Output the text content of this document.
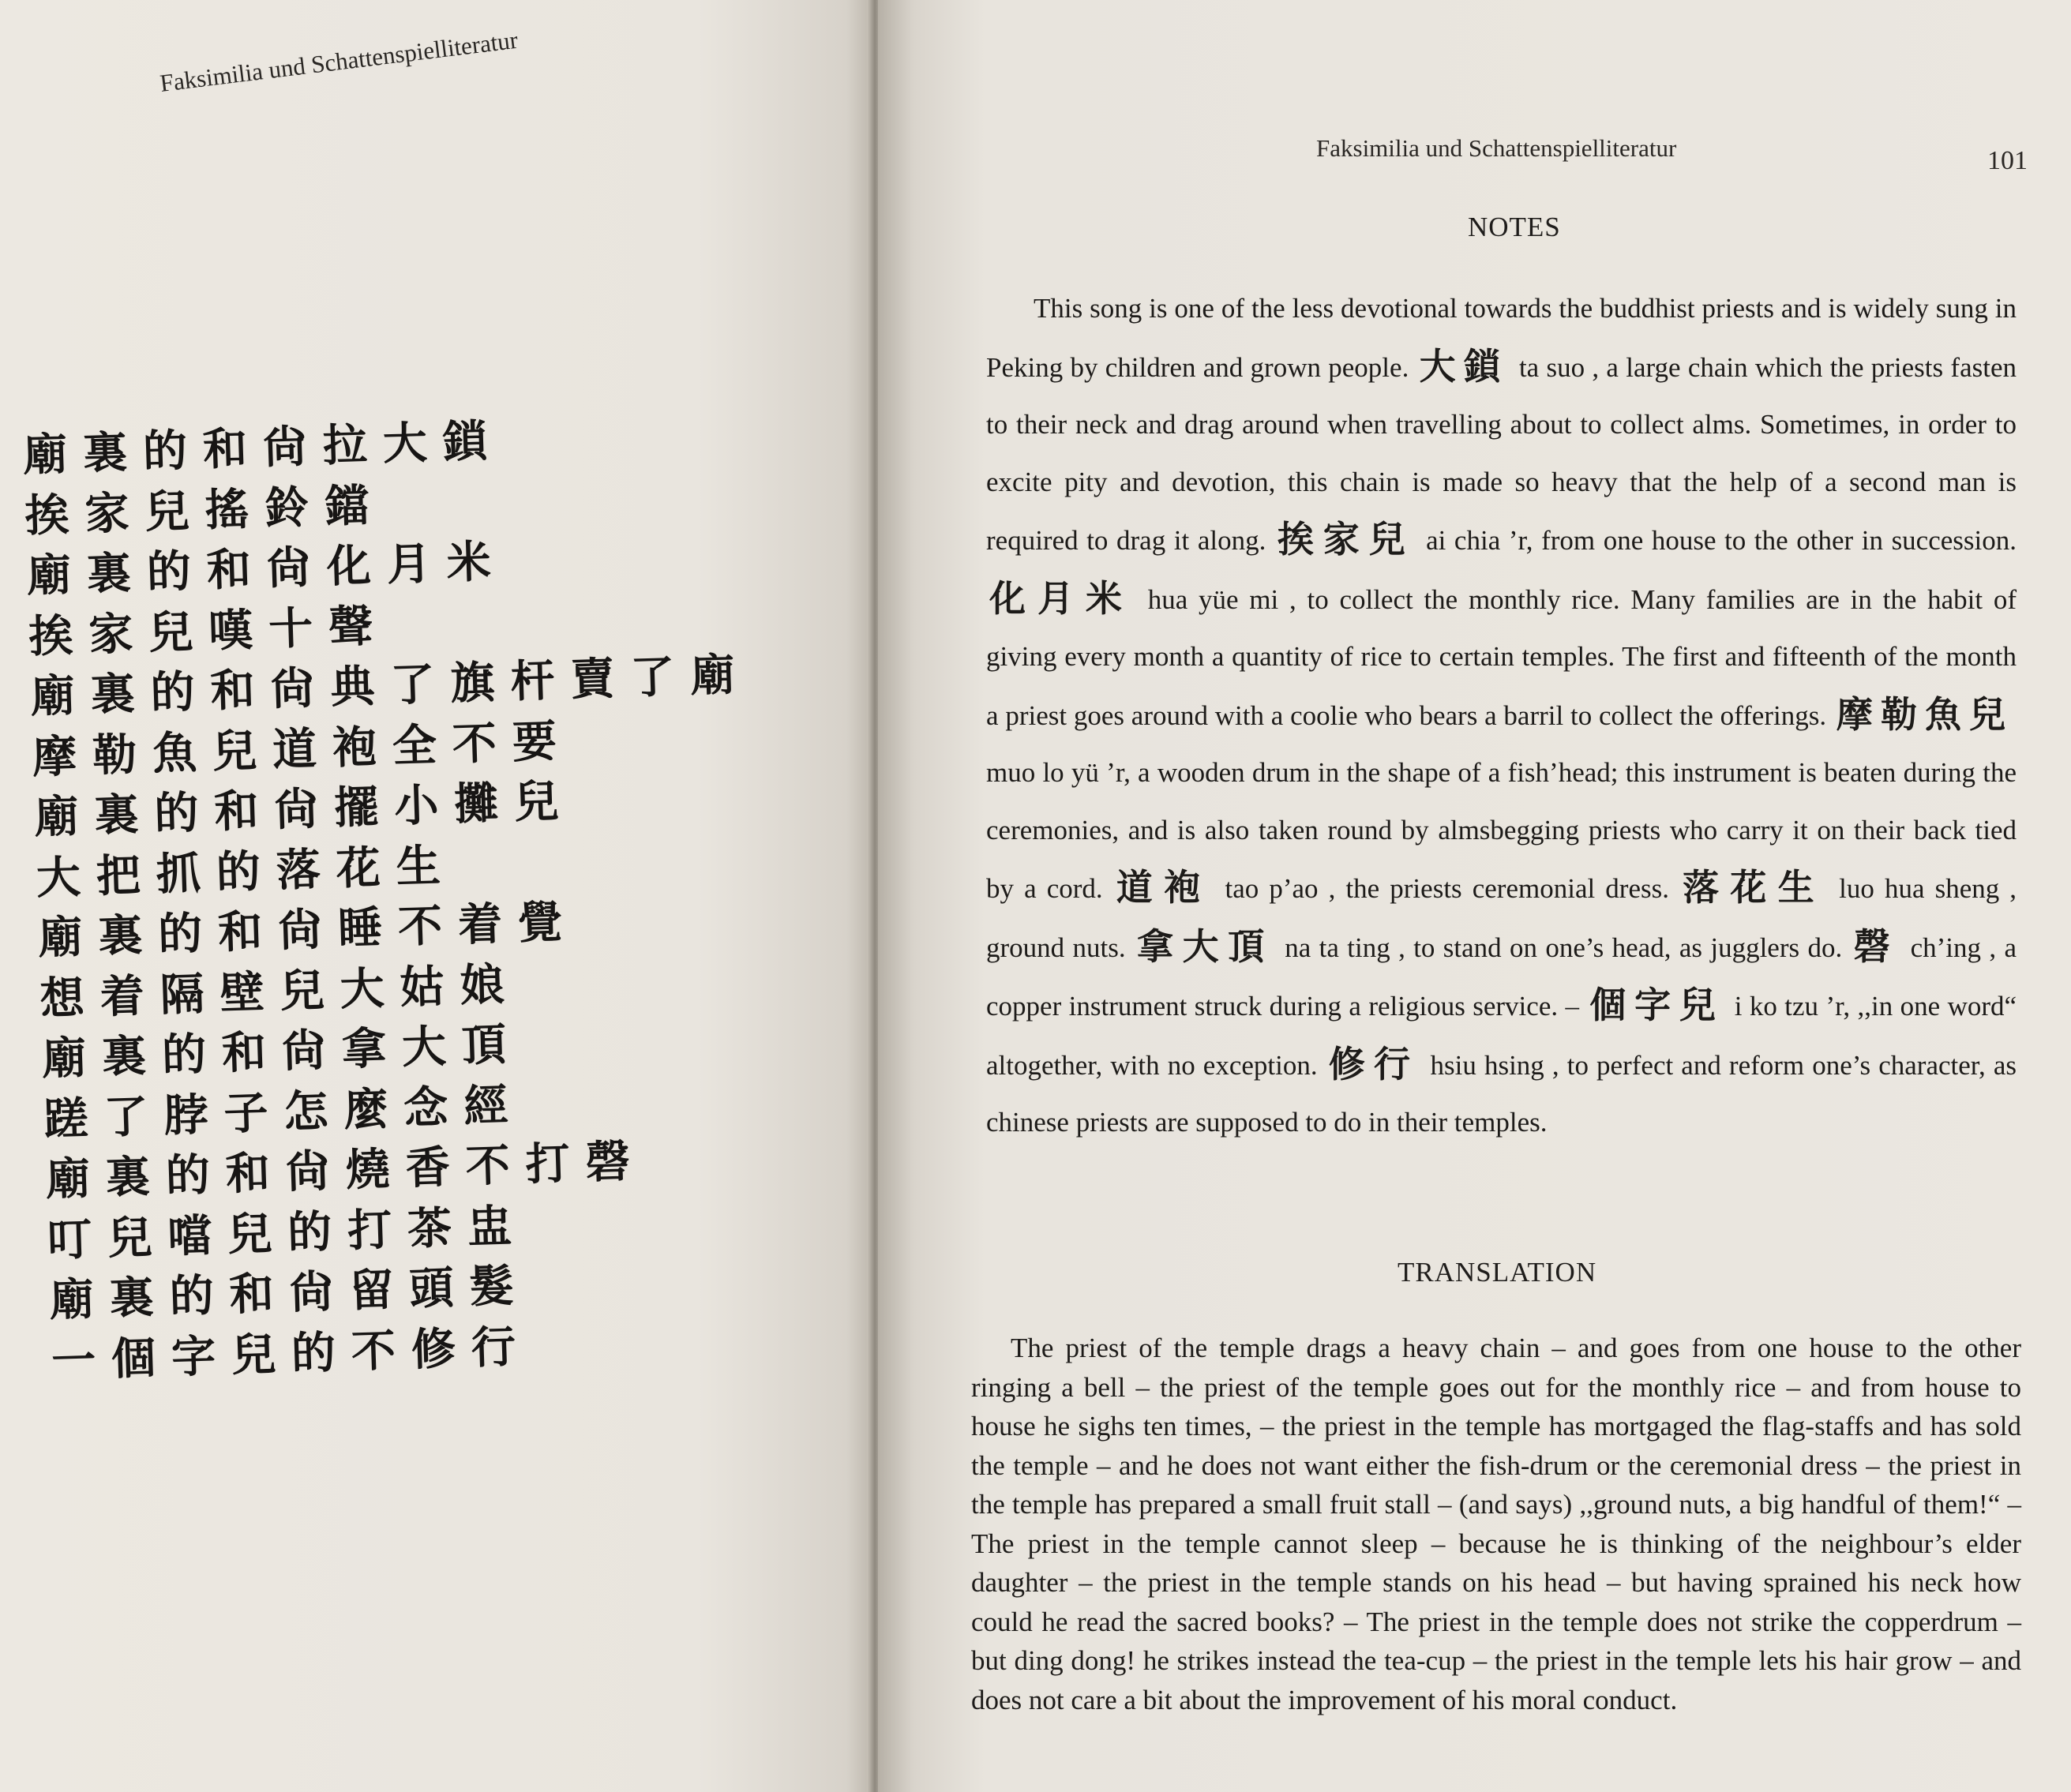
Faksimilia und Schattenspielliteratur
廟裏的和尙拉大鎖
挨家兒搖鈴鐺
廟裏的和尙化月米
挨家兒嘆十聲
廟裏的和尙典了旗杆賣了廟
摩勒魚兒道袍全不要
廟裏的和尙擺小攤兒
大把抓的落花生
廟裏的和尙睡不着覺
想着隔壁兒大姑娘
廟裏的和尙拿大頂
蹉了脖子怎麼念經
廟裏的和尙燒香不打磬
叮兒噹兒的打茶盅
廟裏的和尙留頭髮
一個字兒的不修行
Faksimilia und Schattenspielliteratur	101
NOTES
This song is one of the less devotional towards the buddhist priests and is widely sung in Peking by children and grown people. 大鎖 ta suo , a large chain which the priests fasten to their neck and drag around when travelling about to collect alms. Sometimes, in order to excite pity and devotion, this chain is made so heavy that the help of a second man is required to drag it along. 挨家兒 ai chia ’r, from one house to the other in succession. 化月米 hua yüe mi , to collect the monthly rice. Many families are in the habit of giving every month a quantity of rice to certain temples. The first and fifteenth of the month a priest goes around with a coolie who bears a barril to collect the offerings. 摩勒魚兒 muo lo yü ’r, a wooden drum in the shape of a fish’head; this instrument is beaten during the ceremonies, and is also taken round by almsbegging priests who carry it on their back tied by a cord. 道袍 tao p’ao , the priests ceremonial dress. 落花生 luo hua sheng , ground nuts. 拿大頂 na ta ting , to stand on one’s head, as jugglers do. 磬 ch’ing , a copper instrument struck during a religious service. – 個字兒 i ko tzu ’r, ,,in one word“ altogether, with no exception. 修行 hsiu hsing , to perfect and reform one’s character, as chinese priests are supposed to do in their temples.
TRANSLATION
The priest of the temple drags a heavy chain – and goes from one house to the other ringing a bell – the priest of the temple goes out for the monthly rice – and from house to house he sighs ten times, – the priest in the temple has mortgaged the flag-staffs and has sold the temple – and he does not want either the fish-drum or the ceremonial dress – the priest in the temple has prepared a small fruit stall – (and says) ,,ground nuts, a big handful of them!“ – The priest in the temple cannot sleep – because he is thinking of the neighbour’s elder daughter – the priest in the temple stands on his head – but having sprained his neck how could he read the sacred books? – The priest in the temple does not strike the copperdrum – but ding dong! he strikes instead the tea-cup – the priest in the temple lets his hair grow – and does not care a bit about the improvement of his moral conduct.
